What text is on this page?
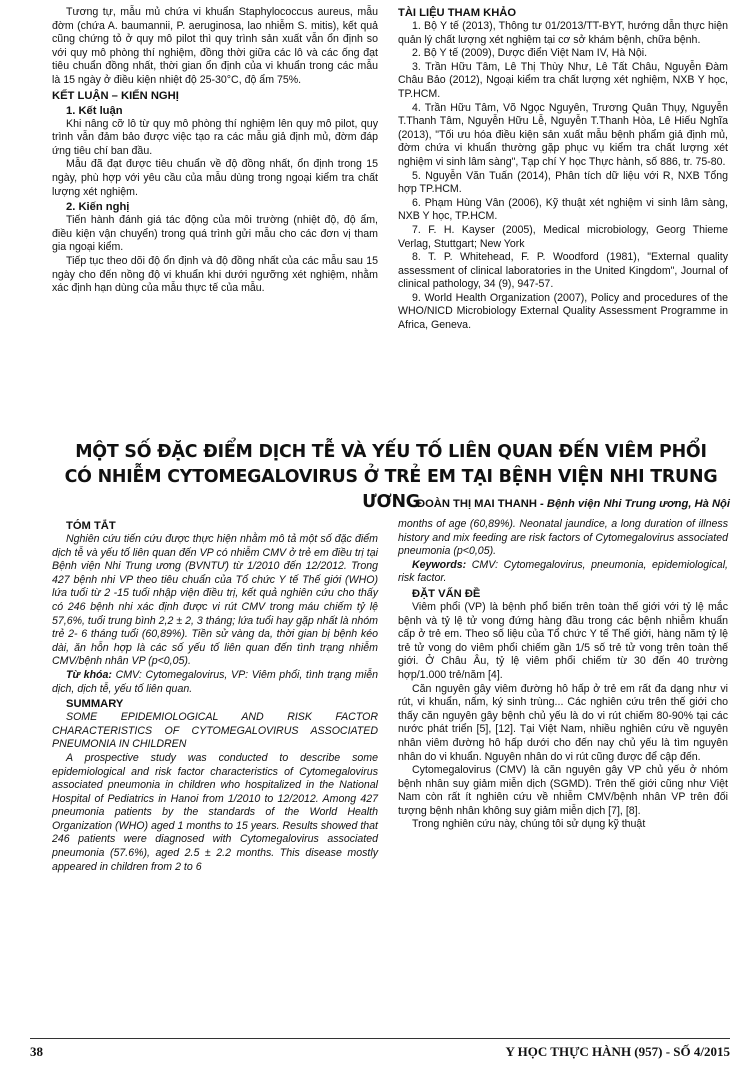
Tương tự, mẫu mủ chứa vi khuẩn Staphylococcus aureus, mẫu đờm (chứa A. baumannii, P. aeruginosa, lao nhiễm S. mitis), kết quả cũng chứng tỏ ở quy mô pilot thì quy trình sản xuất vẫn ổn định so với quy mô phòng thí nghiệm, đồng thời giữa các lô và các ống đạt tiêu chuẩn đồng nhất, thời gian ổn định của vi khuẩn trong các mẫu là 15 ngày ở điều kiện nhiệt độ 25-30°C, độ ẩm 75%.

KẾT LUẬN – KIẾN NGHỊ
1. Kết luận

Khi nâng cỡ lô từ quy mô phòng thí nghiệm lên quy mô pilot, quy trình vẫn đảm bảo được việc tạo ra các mẫu giả định mủ, đờm đáp ứng tiêu chí ban đầu.

Mẫu đã đạt được tiêu chuẩn về độ đồng nhất, ổn định trong 15 ngày, phù hợp với yêu cầu của mẫu dùng trong ngoại kiểm tra chất lượng xét nghiệm.

2. Kiến nghị

Tiến hành đánh giá tác động của môi trường (nhiệt độ, độ ẩm, điều kiện vận chuyển) trong quá trình gửi mẫu cho các đơn vị tham gia ngoại kiểm.

Tiếp tục theo dõi độ ổn định và độ đồng nhất của các mẫu sau 15 ngày cho đến nồng độ vi khuẩn khi dưới ngưỡng xét nghiệm, nhằm xác định hạn dùng của mẫu thực tế của mẫu.

TÀI LIỆU THAM KHẢO

1. Bộ Y tế (2013), Thông tư 01/2013/TT-BYT, hướng dẫn thực hiện quản lý chất lượng xét nghiệm tại cơ sở khám bệnh, chữa bệnh.

2. Bộ Y tế (2009), Dược điển Việt Nam IV, Hà Nội.

3. Trần Hữu Tâm, Lê Thị Thùy Như, Lê Tất Châu, Nguyễn Đàm Châu Bảo (2012), Ngoại kiểm tra chất lượng xét nghiệm, NXB Y học, TP.HCM.

4. Trần Hữu Tâm, Võ Ngọc Nguyên, Trương Quân Thụy, Nguyễn T.Thanh Tâm, Nguyễn Hữu Lễ, Nguyễn T.Thanh Hòa, Lê Hiếu Nghĩa (2013), "Tối ưu hóa điều kiện sản xuất mẫu bệnh phẩm giả định mủ, đờm chứa vi khuẩn thường gặp phục vụ kiểm tra chất lượng xét nghiệm vi sinh lâm sàng", Tạp chí Y học Thực hành, số 886, tr. 75-80.

5. Nguyễn Văn Tuấn (2014), Phân tích dữ liệu với R, NXB Tổng hợp TP.HCM.

6. Phạm Hùng Vân (2006), Kỹ thuật xét nghiệm vi sinh lâm sàng, NXB Y học, TP.HCM.

7. F. H. Kayser (2005), Medical microbiology, Georg Thieme Verlag, Stuttgart; New York

8. T. P. Whitehead, F. P. Woodford (1981), "External quality assessment of clinical laboratories in the United Kingdom", Journal of clinical pathology, 34 (9), 947-57.

9. World Health Organization (2007), Policy and procedures of the WHO/NICD Microbiology External Quality Assessment Programme in Africa, Geneva.

MỘT SỐ ĐẶC ĐIỂM DỊCH TỄ VÀ YẾU TỐ LIÊN QUAN ĐẾN VIÊM PHỔI
CÓ NHIỄM CYTOMEGALOVIRUS Ở TRẺ EM TẠI BỆNH VIỆN NHI TRUNG ƯƠNG
ĐOÀN THỊ MAI THANH - Bệnh viện Nhi Trung ương, Hà Nội
TÓM TẮT

Nghiên cứu tiến cứu được thực hiện nhằm mô tả một số đặc điểm dịch tễ và yếu tố liên quan đến VP có nhiễm CMV ở trẻ em điều trị tại Bệnh viện Nhi Trung ương (BVNTƯ) từ 1/2010 đến 12/2012. Trong 427 bệnh nhi VP theo tiêu chuẩn của Tổ chức Y tế Thế giới (WHO) lứa tuổi từ 2 -15 tuổi nhập viện điều trị, kết quả nghiên cứu cho thấy có 246 bệnh nhi xác định được vi rút CMV trong máu chiếm tỷ lệ 57,6%, tuổi trung bình 2,2 ± 2, 3 tháng; lứa tuổi hay gặp nhất là nhóm trẻ 2- 6 tháng tuổi (60,89%). Tiền sử vàng da, thời gian bị bệnh kéo dài, ăn hỗn hợp là các số yếu tố liên quan đến tình trạng nhiễm CMV/bệnh nhân VP (p<0,05).

Từ khóa: CMV: Cytomegalovirus, VP: Viêm phổi, tình trạng miễn dịch, dịch tễ, yếu tố liên quan.

SUMMARY

SOME EPIDEMIOLOGICAL AND RISK FACTOR CHARACTERISTICS OF CYTOMEGALOVIRUS ASSOCIATED PNEUMONIA IN CHILDREN

A prospective study was conducted to describe some epidemiological and risk factor characteristics of Cytomegalovirus associated pneumonia in children who hospitalized in the National Hospital of Pediatrics in Hanoi from 1/2010 to 12/2012. Among 427 pneumonia patients by the standards of the World Health Organization (WHO) aged 1 months to 15 years. Results showed that 246 patients were diagnosed with Cytomegalovirus associated pneumonia (57.6%), aged 2.5 ± 2.2 months. This disease mostly appeared in children from 2 to 6

months of age (60,89%). Neonatal jaundice, a long duration of illness history and mix feeding are risk factors of Cytomegalovirus associated pneumonia (p<0,05).

Keywords: CMV: Cytomegalovirus, pneumonia, epidemiological, risk factor.

ĐẶT VẤN ĐỀ

Viêm phổi (VP) là bệnh phổ biến trên toàn thế giới với tỷ lệ mắc bệnh và tỷ lệ tử vong đứng hàng đầu trong các bệnh nhiễm khuẩn cấp ở trẻ em. Theo số liệu của Tổ chức Y tế Thế giới, hàng năm tỷ lệ trẻ tử vong do viêm phổi chiếm gần 1/5 số trẻ tử vong trên toàn thế giới. Ở Châu Âu, tỷ lệ viêm phổi chiếm từ 30 đến 40 trường hợp/1.000 trẻ/năm [4].

Căn nguyên gây viêm đường hô hấp ở trẻ em rất đa dạng như vi rút, vi khuẩn, nấm, ký sinh trùng... Các nghiên cứu trên thế giới cho thấy căn nguyên gây bệnh chủ yếu là do vi rút chiếm 80-90% tại các nước phát triển [5], [12]. Tại Việt Nam, nhiều nghiên cứu về nguyên nhân viêm đường hô hấp dưới cho đến nay chủ yếu là tìm nguyên nhân do vi khuẩn. Nguyên nhân do vi rút cũng được để cập đến.

Cytomegalovirus (CMV) là căn nguyên gây VP chủ yếu ở nhóm bệnh nhân suy giảm miễn dịch (SGMD). Trên thế giới cũng như Việt Nam còn rất ít nghiên cứu về nhiễm CMV/bệnh nhân VP trên đối tượng bệnh nhân không suy giảm miễn dịch [7], [8].

Trong nghiên cứu này, chúng tôi sử dụng kỹ thuật

38	Y HỌC THỰC HÀNH (957) - SỐ 4/2015
